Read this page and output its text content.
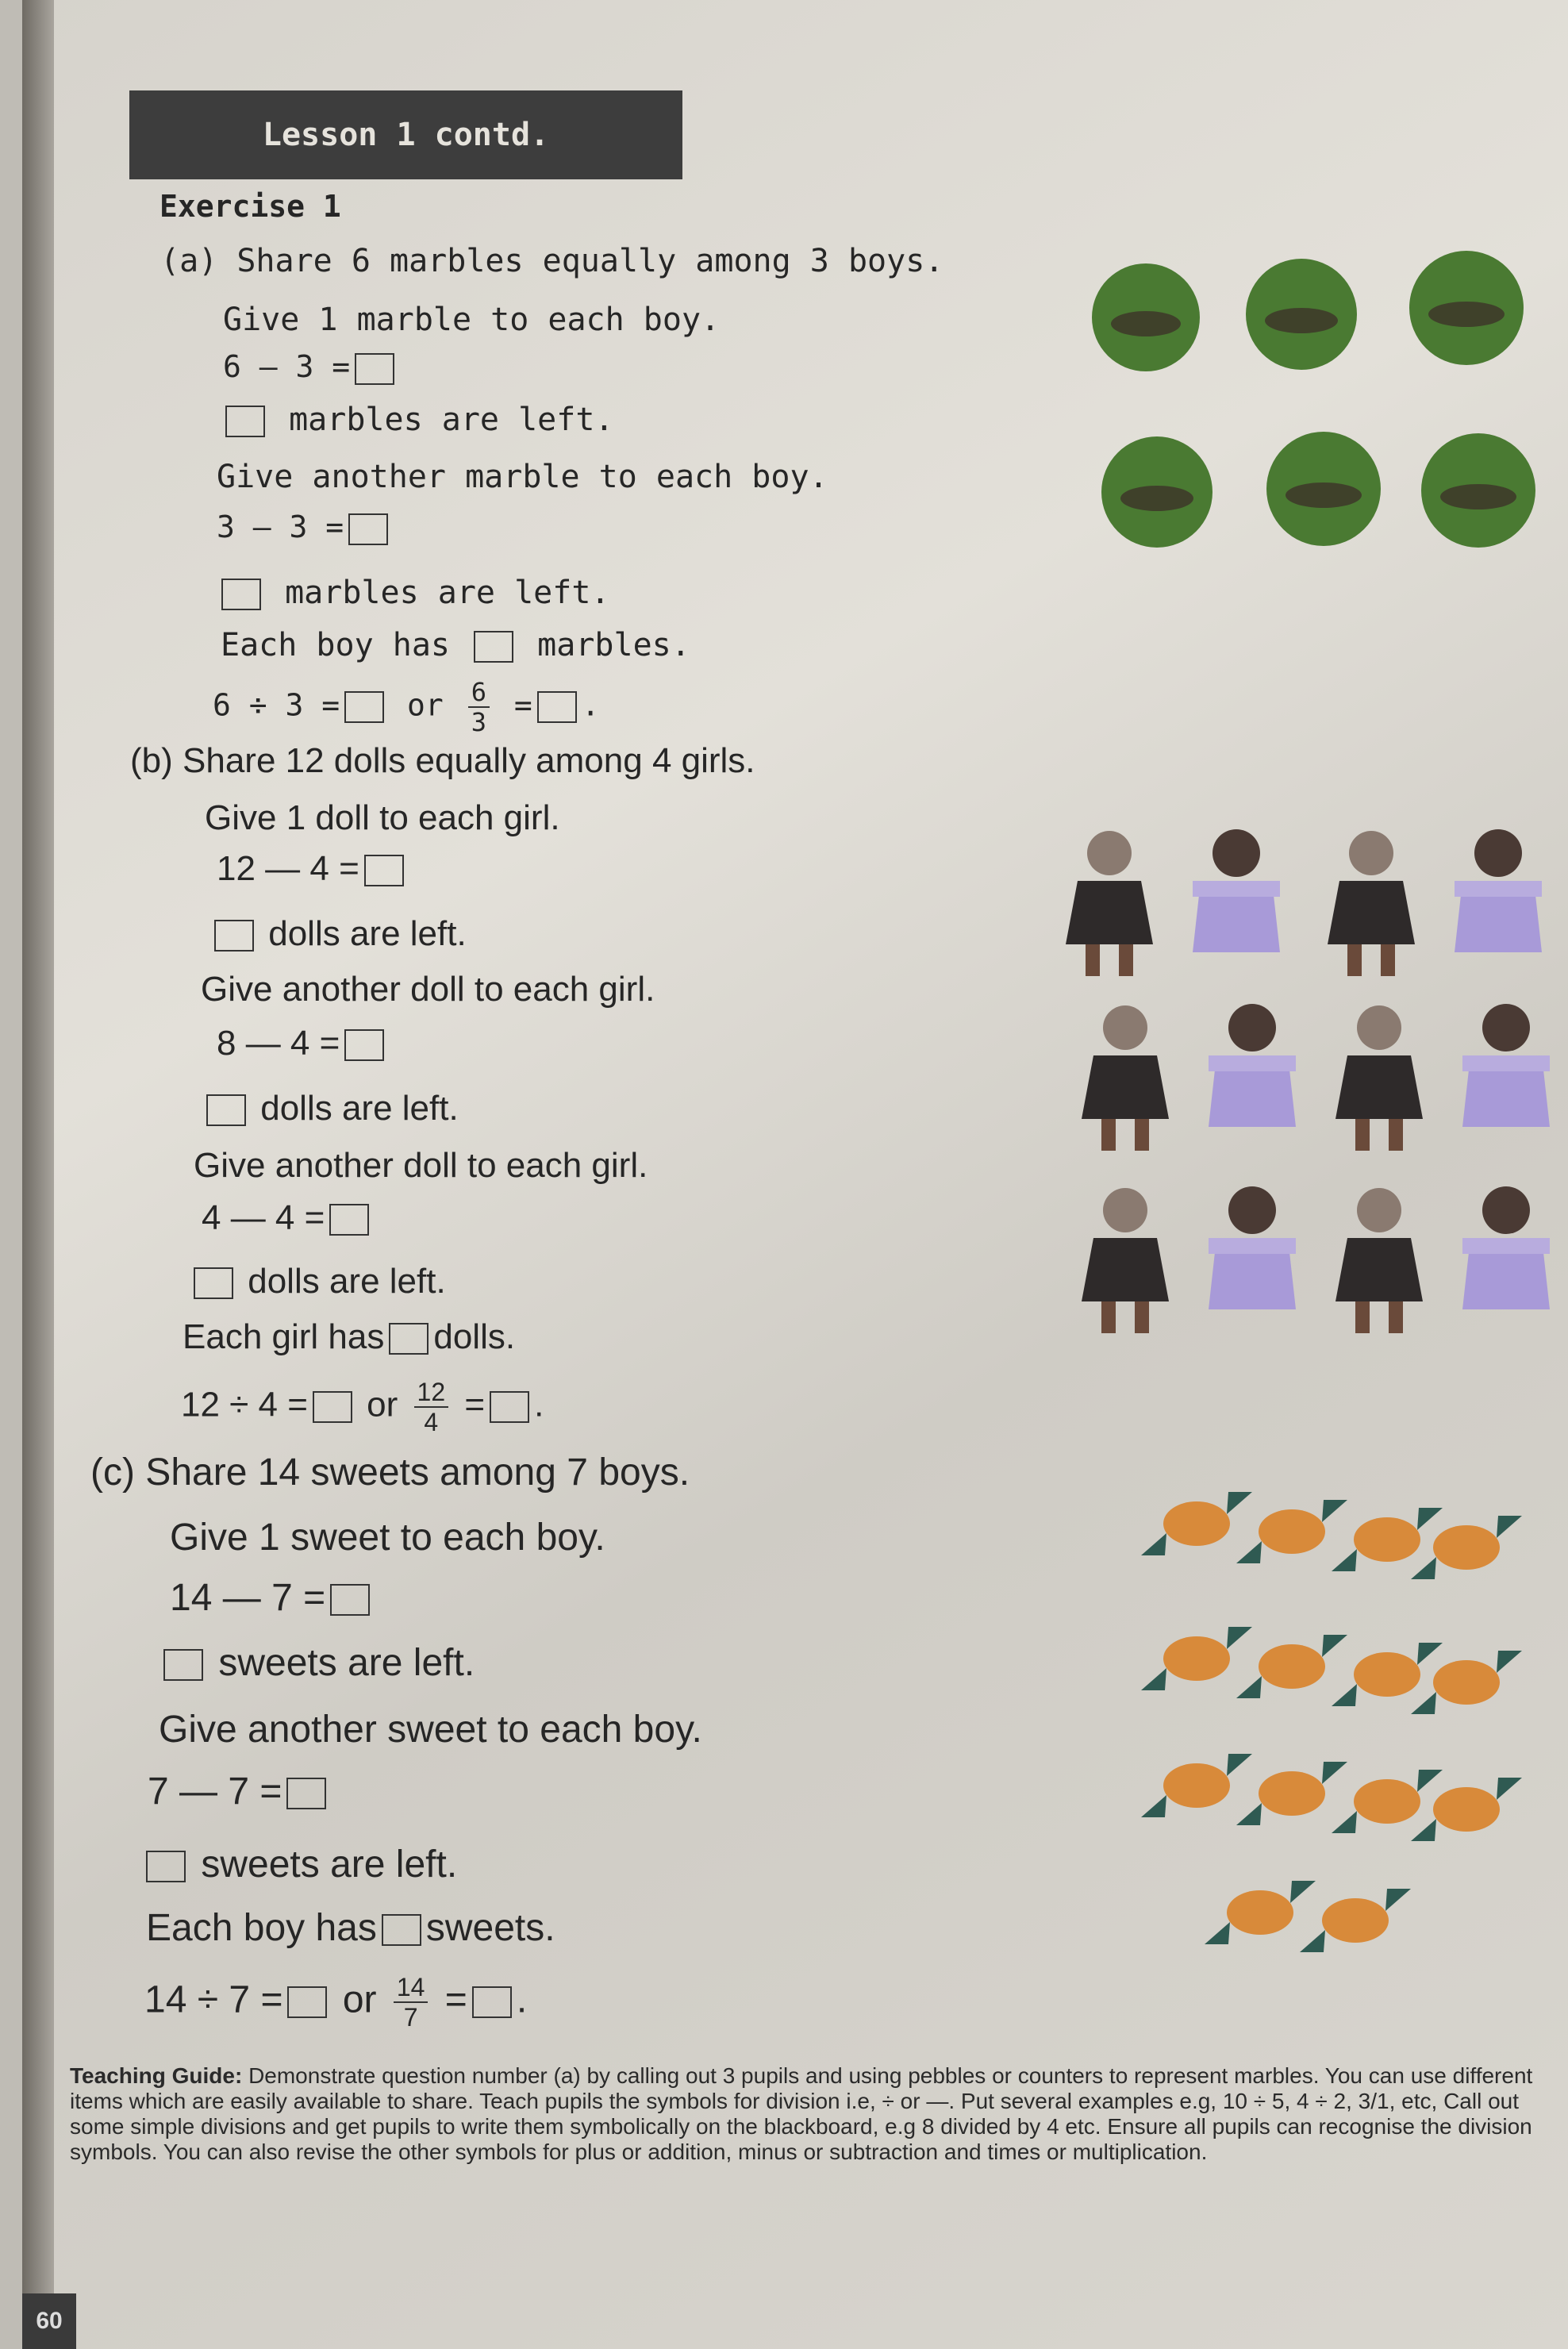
Lesson 1 contd.
Exercise 1
(a) Share 6 marbles equally among 3 boys.
Give 1 marble to each boy.
6 — 3 =
marbles are left.
Give another marble to each boy.
3 — 3 =
marbles are left.
Each boy has	marbles.
6 ÷ 3 = or $\frac{6}{3}$ = .
(b) Share 12 dolls equally among 4 girls.
Give 1 doll to each girl.
12 — 4 =
dolls are left.
Give another doll to each girl.
8 — 4 =
dolls are left.
Give another doll to each girl.
4 — 4 =
dolls are left.
Each girl has dolls.
12 ÷ 4 = or $\frac{12}{4}$ = .
(c) Share 14 sweets among 7 boys.
Give 1 sweet to each boy.
14 — 7 =
sweets are left.
Give another sweet to each boy.
7 — 7 =
sweets are left.
Each boy has sweets.
14 ÷ 7 = or $\frac{14}{7}$ = .
Teaching Guide: Demonstrate question number (a) by calling out 3 pupils and using pebbles or counters to represent marbles. You can use different items which are easily available to share. Teach pupils the symbols for division i.e, ÷ or —. Put several examples e.g, 10 ÷ 5, 4 ÷ 2, 3/1, etc, Call out some simple divisions and get pupils to write them symbolically on the blackboard, e.g 8 divided by 4 etc. Ensure all pupils can recognise the division symbols. You can also revise the other symbols for plus or addition, minus or subtraction and times or multiplication.
60
